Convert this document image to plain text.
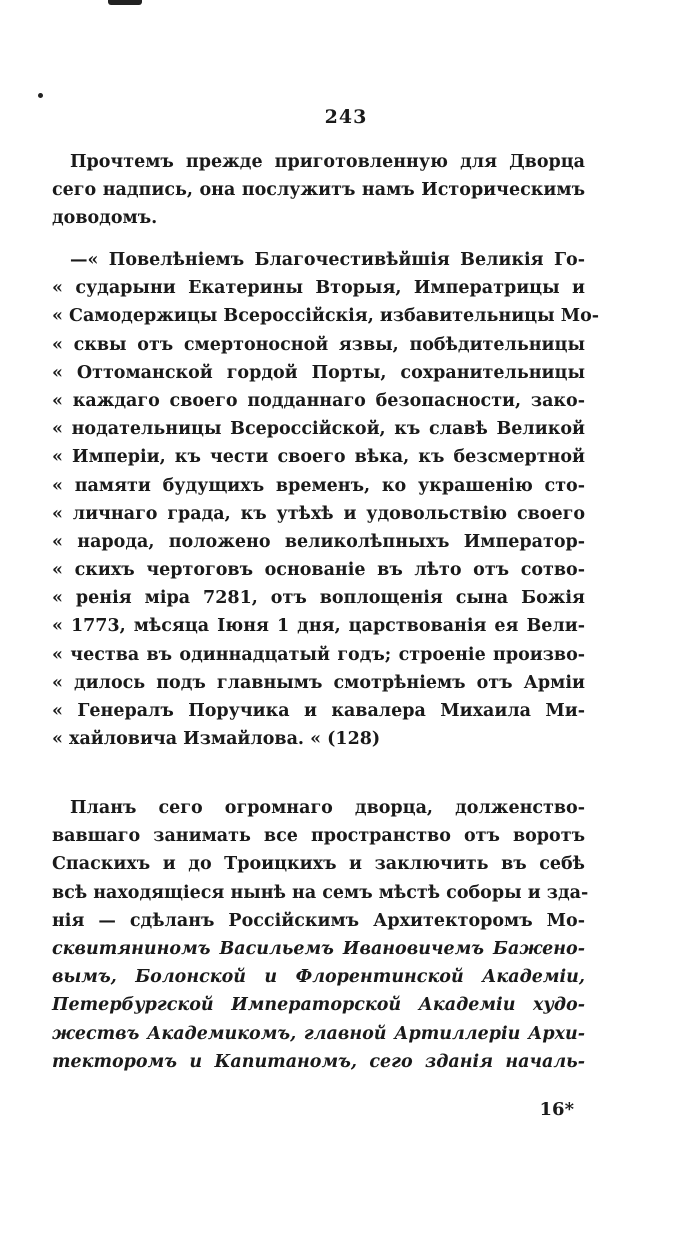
243
Прочтемъ прежде приготовленную для Дворца
сего надпись, она послужитъ намъ Историческимъ
доводомъ.
—« Повелѣніемъ Благочестивѣйшія Великія Го-
« сударыни Екатерины Вторыя, Императрицы и
« Самодержицы Всероссійскія, избавительницы Мо-
« сквы отъ смертоносной язвы, побѣдительницы
« Оттоманской гордой Порты, сохранительницы
« каждаго своего подданнаго безопасности, зако-
« нодательницы Всероссійской, къ славѣ Великой
« Имперіи, къ чести своего вѣка, къ безсмертной
« памяти будущихъ временъ, ко украшенію сто-
« личнаго града, къ утѣхѣ и удовольствію своего
« народа, положено великолѣпныхъ Император-
« скихъ чертоговъ основаніе въ лѣто отъ сотво-
« ренія міра 7281, отъ воплощенія сына Божія
« 1773, мѣсяца Іюня 1 дня, царствованія ея Вели-
« чества въ одиннадцатый годъ; строеніе произво-
« дилось подъ главнымъ смотрѣніемъ отъ Арміи
« Генералъ Поручика и кавалера Михаила Ми-
« хайловича Измайлова. « (128)
Планъ сего огромнаго дворца, долженство-
вавшаго занимать все пространство отъ воротъ
Спаскихъ и до Троицкихъ и заключить въ себѣ
всѣ находящіеся нынѣ на семъ мѣстѣ соборы и зда-
нія — сдѣланъ Россійскимъ Архитекторомъ Мо-
сквитяниномъ Васильемъ Ивановичемъ Бажено-
вымъ, Болонской и Флорентинской Академіи,
Петербургской Императорской Академіи худо-
жествъ Академикомъ, главной Артиллеріи Архи-
текторомъ и Капитаномъ, сего зданія началь-
16*
